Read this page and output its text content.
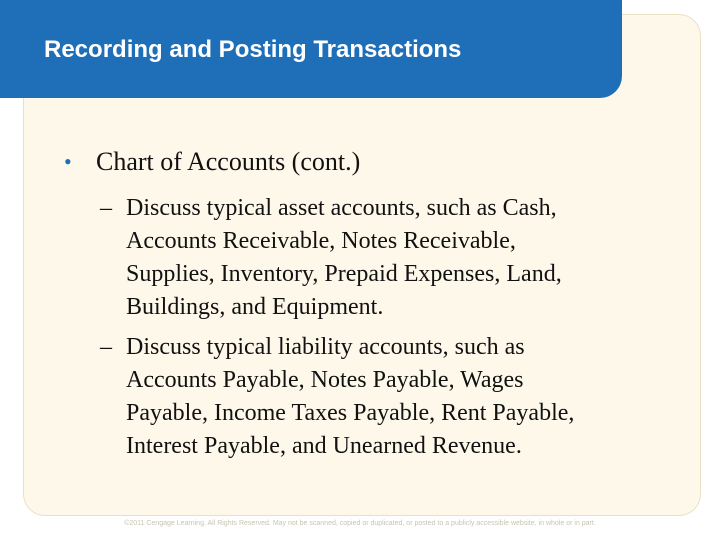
Recording and Posting Transactions
• Chart of Accounts (cont.)
– Discuss typical asset accounts, such as Cash,
Accounts Receivable, Notes Receivable,
Supplies, Inventory, Prepaid Expenses, Land,
Buildings, and Equipment.
– Discuss typical liability accounts, such as
Accounts Payable, Notes Payable, Wages
Payable, Income Taxes Payable, Rent Payable,
Interest Payable, and Unearned Revenue.
©2011 Cengage Learning. All Rights Reserved. May not be scanned, copied or duplicated, or posted to a publicly accessible website, in whole or in part.
